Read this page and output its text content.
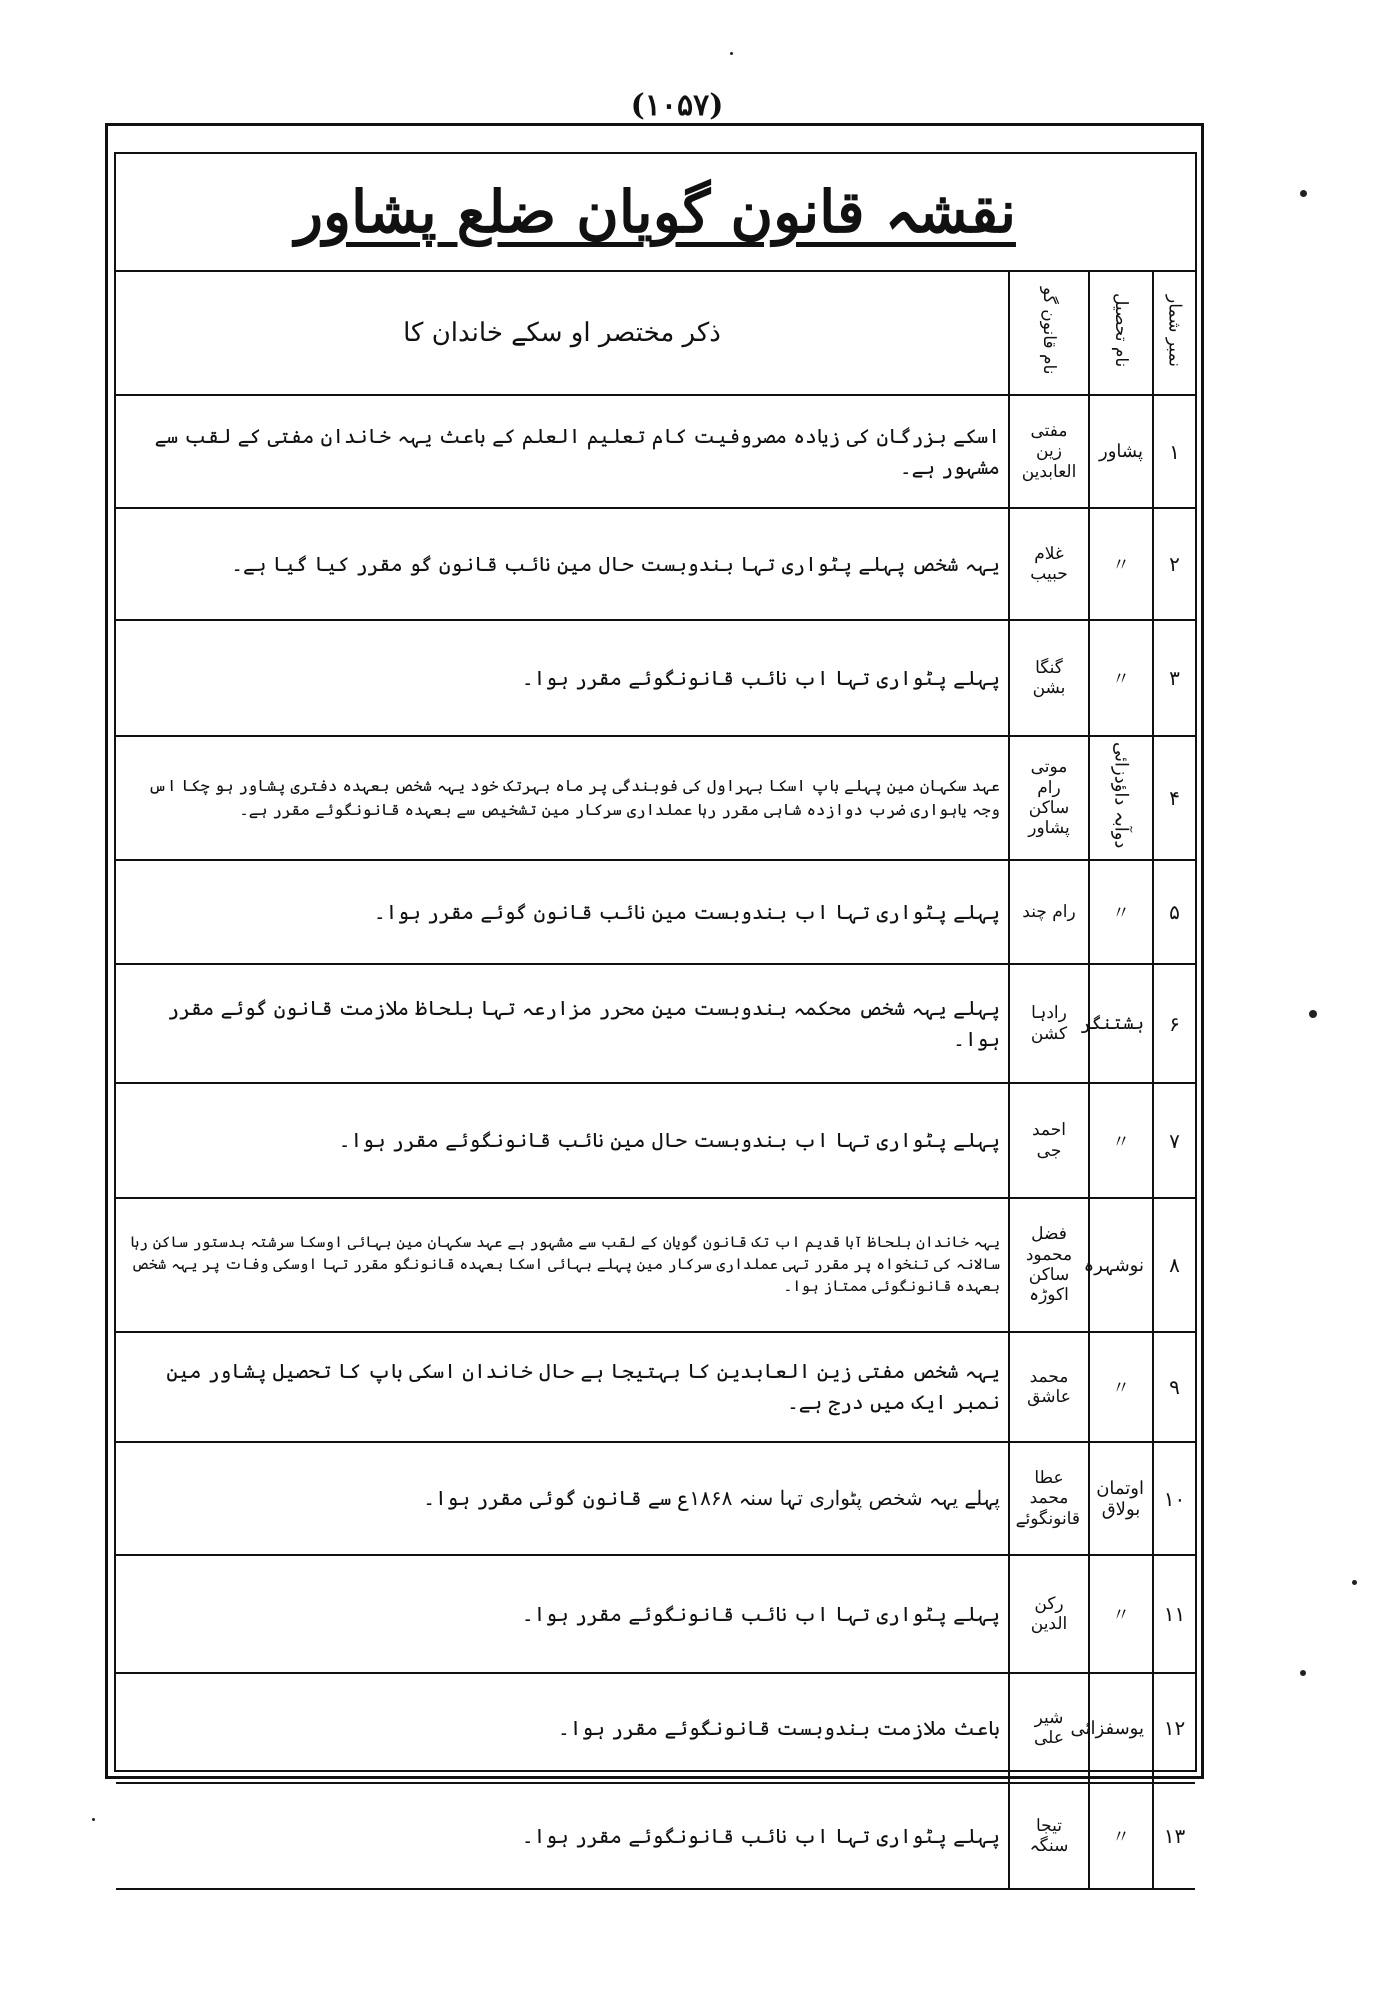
(۱۰۵۷)
نقشہ قانون گویان ضلع پشاور
نمبر شمار	نام تحصیل	نام قانون گو	ذکر مختصر او سکے خاندان کا
۱	پشاور	مفتی زین العابدین	اسکے بزرگان کی زیادہ مصروفیت کام تعلیم العلم کے باعث یہہ خاندان مفتی کے لقب سے مشہور ہے۔
۲	〃	غلام حبیب	یہہ شخص پہلے پٹواری تہا بندوبست حال مین نائب قانون گو مقرر کیا گیا ہے۔
۳	〃	گنگا بشن	پہلے پٹواری تہا اب نائب قانونگوئے مقرر ہوا۔
۴	دوآبہ داؤدزائی	موتی رام ساکن پشاور	عہد سکہان مین پہلے باپ اسکا بہراول کی فوبندگی پر ماہ بہرتک خود یہہ شخص بعہدہ دفتری پشاور ہو چکا اس وجہ یاہواری ضرب دوازدہ شاہی مقرر رہا عملداری سرکار مین تشخیص سے بعہدہ قانونگوئے مقرر ہے۔
۵	〃	رام چند	پہلے پٹواری تہا اب بندوبست مین نائب قانون گوئے مقرر ہوا۔
۶	ہشتنگر	رادہا کشن	پہلے یہہ شخص محکمہ بندوبست مین محرر مزارعہ تہا بلحاظ ملازمت قانون گوئے مقرر ہوا۔
۷	〃	احمد جی	پہلے پٹواری تہا اب بندوبست حال مین نائب قانونگوئے مقرر ہوا۔
۸	نوشہرہ	فضل محمود ساکن اکوڑہ	یہہ خاندان بلحاظ آبا قدیم اب تک قانون گویان کے لقب سے مشہور ہے عہد سکہان مین بہائی اوسکا سرشتہ بدستور ساکن رہا سالانہ کی تنخواہ پر مقرر تہی عملداری سرکار مین پہلے بہائی اسکا بعہدہ قانونگو مقرر تہا اوسکی وفات پر یہہ شخص بعہدہ قانونگوئی ممتاز ہوا۔
۹	〃	محمد عاشق	یہہ شخص مفتی زین العابدین کا بہتیجا ہے حال خاندان اسکی باپ کا تحصیل پشاور مین نمبر ایک میں درج ہے۔
۱۰	اوتمان بولاق	عطا محمد قانونگوئے	پہلے یہہ شخص پٹواری تہا سنہ ۱۸۶۸ع سے قانون گوئی مقرر ہوا۔
۱۱	〃	رکن الدین	پہلے پٹواری تہا اب نائب قانونگوئے مقرر ہوا۔
۱۲	یوسفزائی	شیر علی	باعث ملازمت بندوبست قانونگوئے مقرر ہوا۔
۱۳	〃	تیجا سنگہ	پہلے پٹواری تہا اب نائب قانونگوئے مقرر ہوا۔
